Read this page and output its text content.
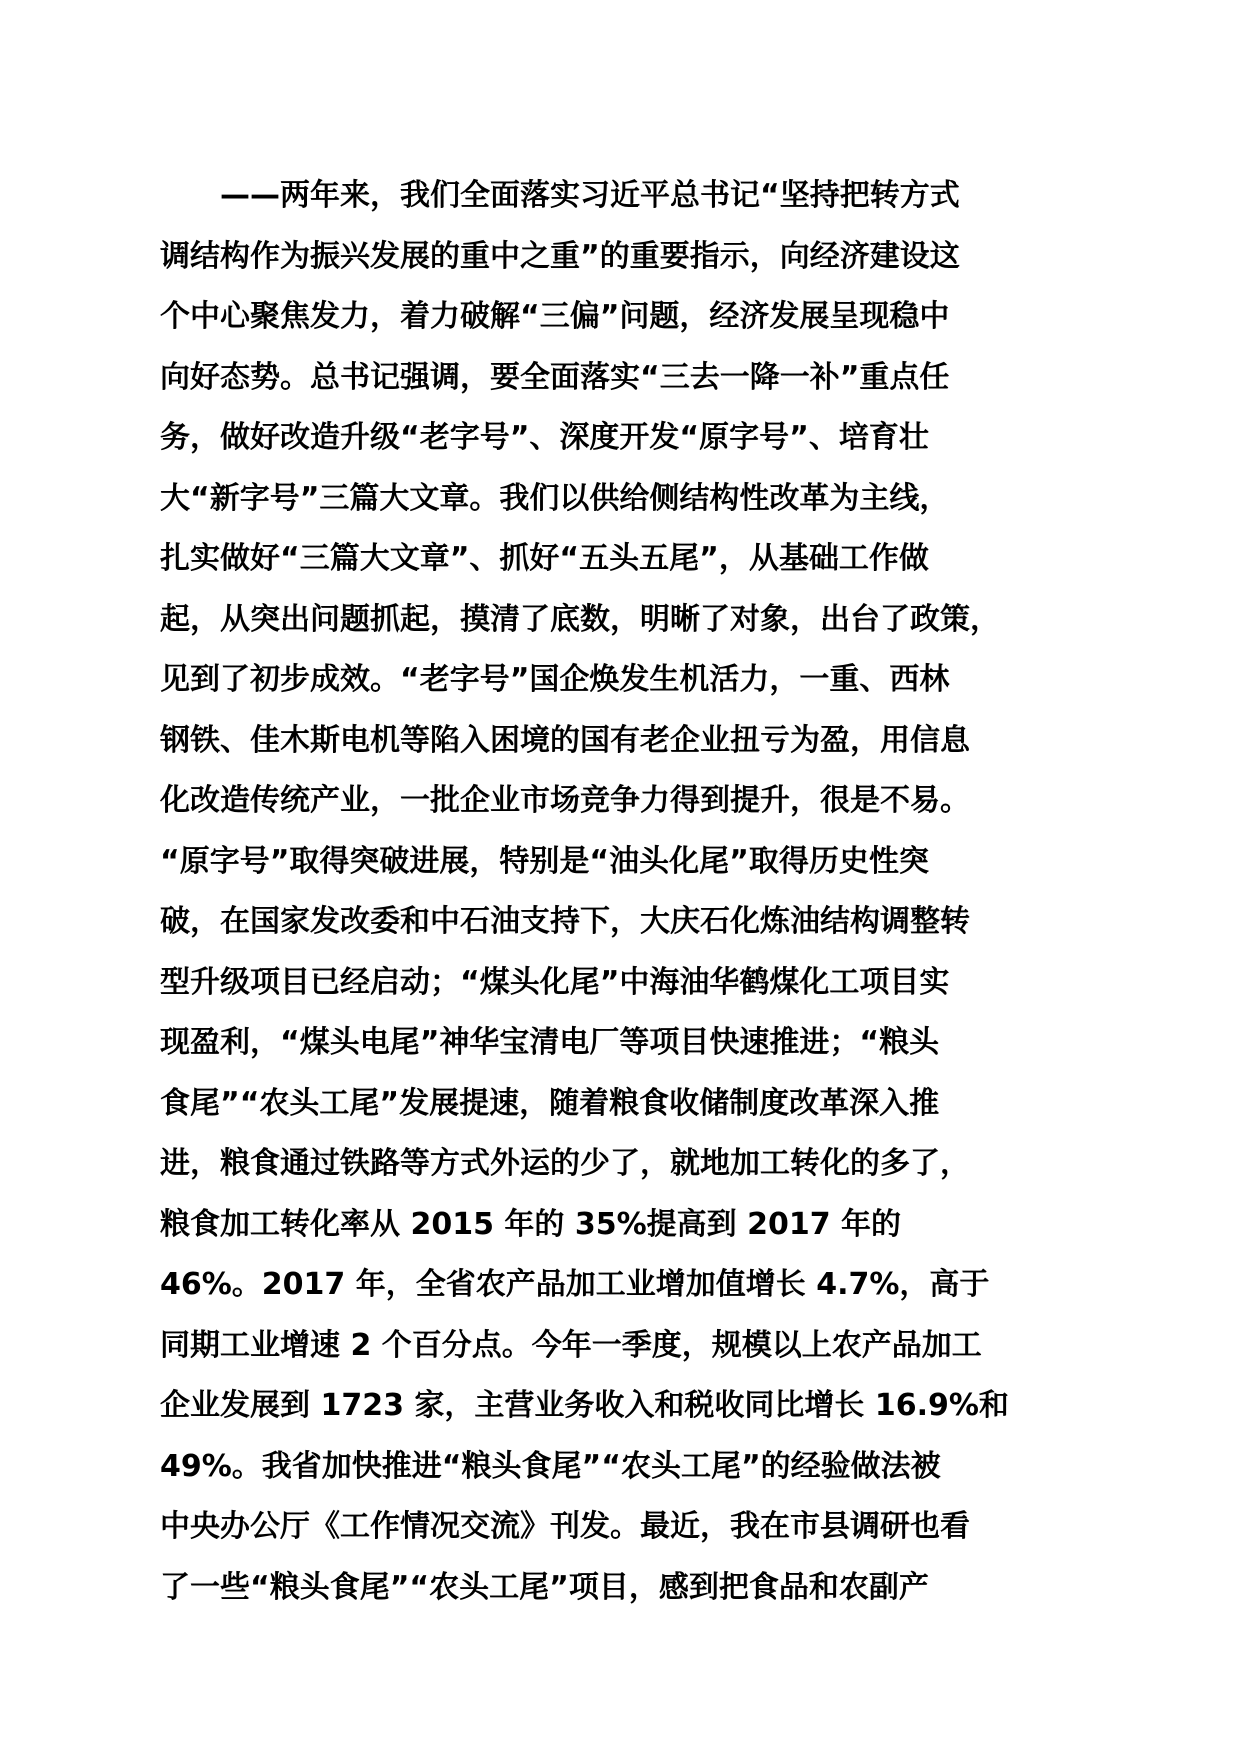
　　——两年来，我们全面落实习近平总书记“坚持把转方式
调结构作为振兴发展的重中之重”的重要指示，向经济建设这
个中心聚焦发力，着力破解“三偏”问题，经济发展呈现稳中
向好态势。总书记强调，要全面落实“三去一降一补”重点任
务，做好改造升级“老字号”、深度开发“原字号”、培育壮
大“新字号”三篇大文章。我们以供给侧结构性改革为主线，
扎实做好“三篇大文章”、抓好“五头五尾”，从基础工作做
起，从突出问题抓起，摸清了底数，明晰了对象，出台了政策，
见到了初步成效。“老字号”国企焕发生机活力，一重、西林
钢铁、佳木斯电机等陷入困境的国有老企业扭亏为盈，用信息
化改造传统产业，一批企业市场竞争力得到提升，很是不易。
“原字号”取得突破进展，特别是“油头化尾”取得历史性突
破，在国家发改委和中石油支持下，大庆石化炼油结构调整转
型升级项目已经启动；“煤头化尾”中海油华鹤煤化工项目实
现盈利，“煤头电尾”神华宝清电厂等项目快速推进；“粮头
食尾”“农头工尾”发展提速，随着粮食收储制度改革深入推
进，粮食通过铁路等方式外运的少了，就地加工转化的多了，
粮食加工转化率从 2015 年的 35%提高到 2017 年的
46%。2017 年，全省农产品加工业增加值增长 4.7%，高于
同期工业增速 2 个百分点。今年一季度，规模以上农产品加工
企业发展到 1723 家，主营业务收入和税收同比增长 16.9%和
49%。我省加快推进“粮头食尾”“农头工尾”的经验做法被
中央办公厅《工作情况交流》刊发。最近，我在市县调研也看
了一些“粮头食尾”“农头工尾”项目，感到把食品和农副产
